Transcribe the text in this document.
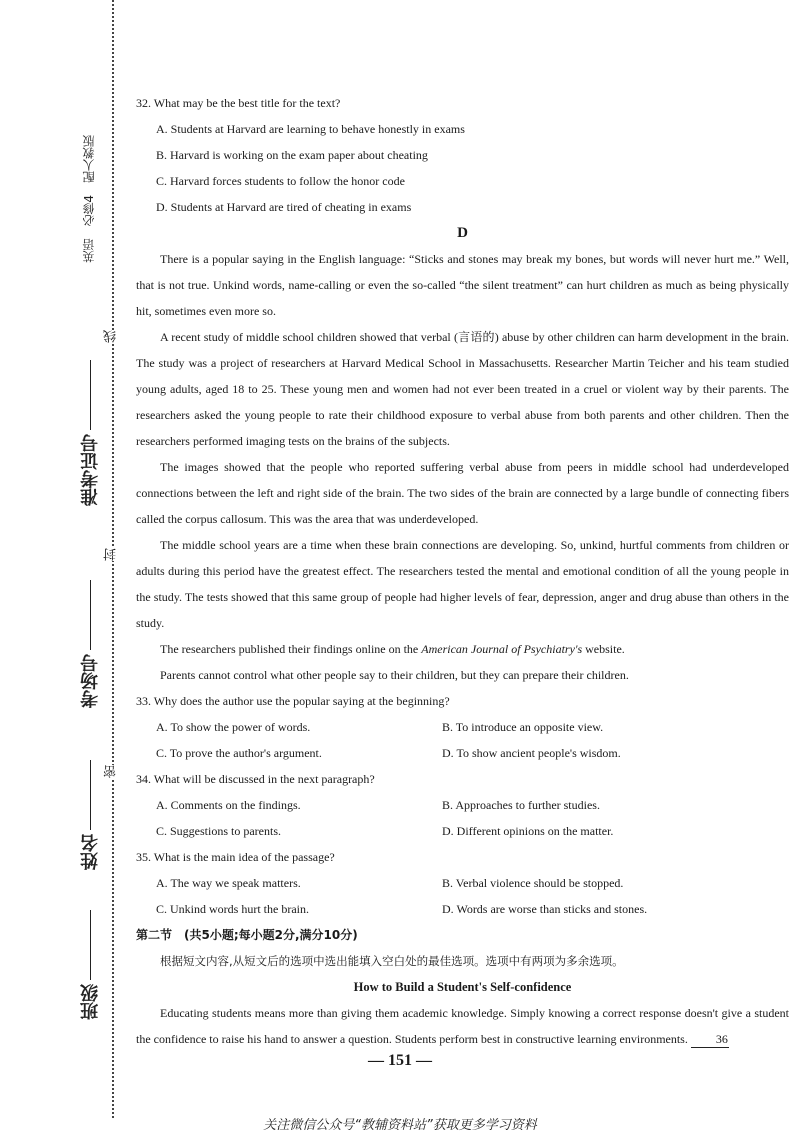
英语　必修4　配人教版
准考证号
考场号
姓名
班级
线
封
密

32. What may be the best title for the text?

A. Students at Harvard are learning to behave honestly in exams

B. Harvard is working on the exam paper about cheating

C. Harvard forces students to follow the honor code

D. Students at Harvard are tired of cheating in exams

D

There is a popular saying in the English language: “Sticks and stones may break my bones, but words will never hurt me.” Well, that is not true. Unkind words, name-calling or even the so-called “the silent treatment” can hurt children as much as being physically hit, sometimes even more so.

A recent study of middle school children showed that verbal (言语的) abuse by other children can harm development in the brain. The study was a project of researchers at Harvard Medical School in Massachusetts. Researcher Martin Teicher and his team studied young adults, aged 18 to 25. These young men and women had not ever been treated in a cruel or violent way by their parents. The researchers asked the young people to rate their childhood exposure to verbal abuse from both parents and other children. Then the researchers performed imaging tests on the brains of the subjects.

The images showed that the people who reported suffering verbal abuse from peers in middle school had underdeveloped connections between the left and right side of the brain. The two sides of the brain are connected by a large bundle of connecting fibers called the corpus callosum. This was the area that was underdeveloped.

The middle school years are a time when these brain connections are developing. So, unkind, hurtful comments from children or adults during this period have the greatest effect. The researchers tested the mental and emotional condition of all the young people in the study. The tests showed that this same group of people had higher levels of fear, depression, anger and drug abuse than others in the study.

The researchers published their findings online on the American Journal of Psychiatry's website.

Parents cannot control what other people say to their children, but they can prepare their children.

33. Why does the author use the popular saying at the beginning?

A. To show the power of words.	B. To introduce an opposite view.
C. To prove the author's argument.	D. To show ancient people's wisdom.

34. What will be discussed in the next paragraph?

A. Comments on the findings.	B. Approaches to further studies.
C. Suggestions to parents.	D. Different opinions on the matter.

35. What is the main idea of the passage?

A. The way we speak matters.	B. Verbal violence should be stopped.
C. Unkind words hurt the brain.	D. Words are worse than sticks and stones.

第二节　(共5小题;每小题2分,满分10分)

根据短文内容,从短文后的选项中选出能填入空白处的最佳选项。选项中有两项为多余选项。

How to Build a Student's Self-confidence

Educating students means more than giving them academic knowledge. Simply knowing a correct response doesn't give a student the confidence to raise his hand to answer a question. Students perform best in constructive learning environments. 36

— 151 —
关注微信公众号“教辅资料站”获取更多学习资料
